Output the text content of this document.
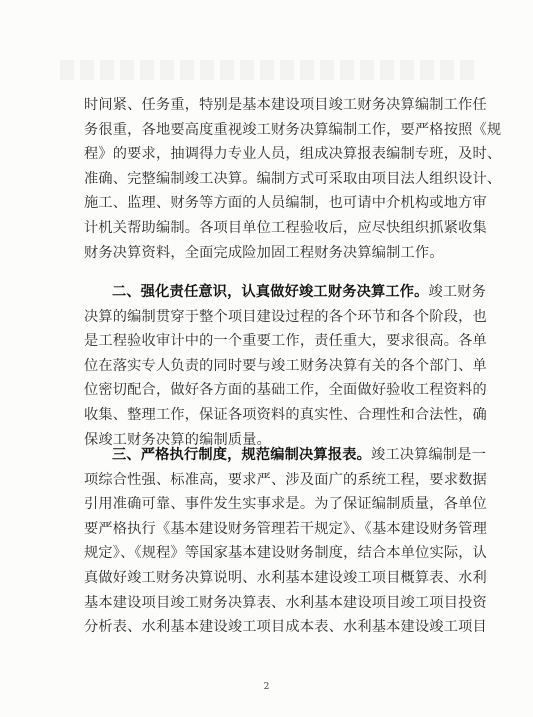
时间紧、任务重，特别是基本建设项目竣工财务决算编制工作任
务很重，各地要高度重视竣工财务决算编制工作，要严格按照《规
程》的要求，抽调得力专业人员，组成决算报表编制专班，及时、
准确、完整编制竣工决算。编制方式可采取由项目法人组织设计、
施工、监理、财务等方面的人员编制，也可请中介机构或地方审
计机关帮助编制。各项目单位工程验收后，应尽快组织抓紧收集
财务决算资料，全面完成险加固工程财务决算编制工作。
二、强化责任意识，认真做好竣工财务决算工作。竣工财务
决算的编制贯穿于整个项目建设过程的各个环节和各个阶段，也
是工程验收审计中的一个重要工作，责任重大，要求很高。各单
位在落实专人负责的同时要与竣工财务决算有关的各个部门、单
位密切配合，做好各方面的基础工作，全面做好验收工程资料的
收集、整理工作，保证各项资料的真实性、合理性和合法性，确
保竣工财务决算的编制质量。
三、严格执行制度，规范编制决算报表。竣工决算编制是一
项综合性强、标准高，要求严、涉及面广的系统工程，要求数据
引用准确可靠、事件发生实事求是。为了保证编制质量，各单位
要严格执行《基本建设财务管理若干规定》、《基本建设财务管理
规定》、《规程》等国家基本建设财务制度，结合本单位实际，认
真做好竣工财务决算说明、水利基本建设竣工项目概算表、水利
基本建设项目竣工财务决算表、水利基本建设项目竣工项目投资
分析表、水利基本建设竣工项目成本表、水利基本建设竣工项目
2
